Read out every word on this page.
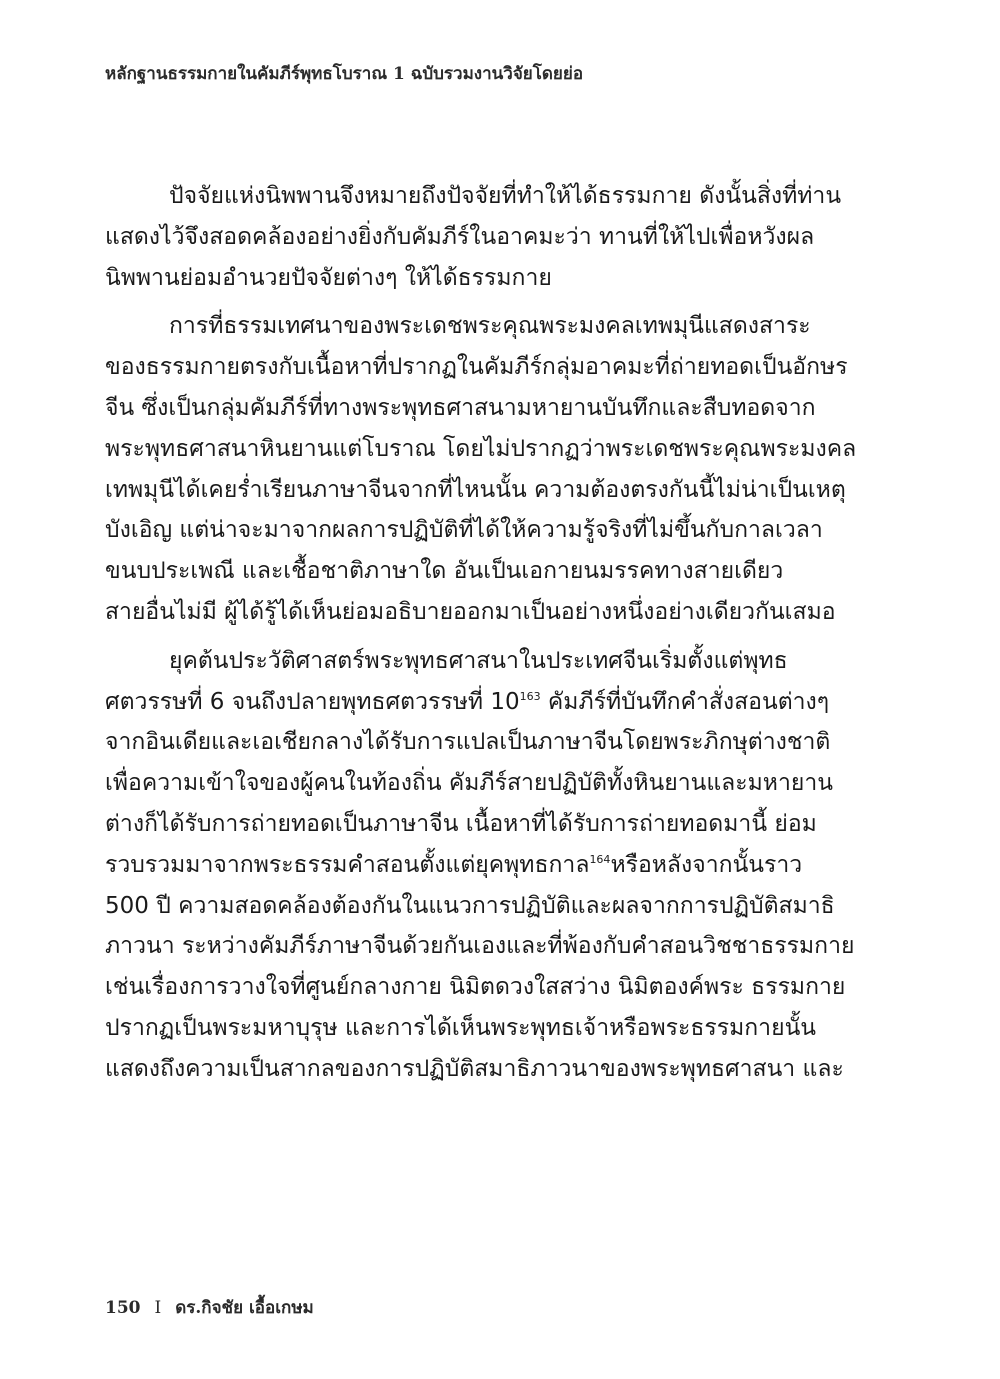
หลักฐานธรรมกายในคัมภีร์พุทธโบราณ 1 ฉบับรวมงานวิจัยโดยย่อ
ปัจจัยแห่งนิพพานจึงหมายถึงปัจจัยที่ทำให้ได้ธรรมกาย ดังนั้นสิ่งที่ท่าน
แสดงไว้จึงสอดคล้องอย่างยิ่งกับคัมภีร์ในอาคมะว่า ทานที่ให้ไปเพื่อหวังผล
นิพพานย่อมอำนวยปัจจัยต่างๆ ให้ได้ธรรมกาย
การที่ธรรมเทศนาของพระเดชพระคุณพระมงคลเทพมุนีแสดงสาระ
ของธรรมกายตรงกับเนื้อหาที่ปรากฏในคัมภีร์กลุ่มอาคมะที่ถ่ายทอดเป็นอักษร
จีน ซึ่งเป็นกลุ่มคัมภีร์ที่ทางพระพุทธศาสนามหายานบันทึกและสืบทอดจาก
พระพุทธศาสนาหินยานแต่โบราณ โดยไม่ปรากฏว่าพระเดชพระคุณพระมงคล
เทพมุนีได้เคยร่ำเรียนภาษาจีนจากที่ไหนนั้น ความต้องตรงกันนี้ไม่น่าเป็นเหตุ
บังเอิญ แต่น่าจะมาจากผลการปฏิบัติที่ได้ให้ความรู้จริงที่ไม่ขึ้นกับกาลเวลา
ขนบประเพณี และเชื้อชาติภาษาใด อันเป็นเอกายนมรรคทางสายเดียว
สายอื่นไม่มี ผู้ได้รู้ได้เห็นย่อมอธิบายออกมาเป็นอย่างหนึ่งอย่างเดียวกันเสมอ
ยุคต้นประวัติศาสตร์พระพุทธศาสนาในประเทศจีนเริ่มตั้งแต่พุทธ
ศตวรรษที่ 6 จนถึงปลายพุทธศตวรรษที่ $10^{163}$ คัมภีร์ที่บันทึกคำสั่งสอนต่างๆ
จากอินเดียและเอเชียกลางได้รับการแปลเป็นภาษาจีนโดยพระภิกษุต่างชาติ
เพื่อความเข้าใจของผู้คนในท้องถิ่น คัมภีร์สายปฏิบัติทั้งหินยานและมหายาน
ต่างก็ได้รับการถ่ายทอดเป็นภาษาจีน เนื้อหาที่ได้รับการถ่ายทอดมานี้ ย่อม
รวบรวมมาจากพระธรรมคำสอนตั้งแต่ยุคพุทธกาล$^{164}$หรือหลังจากนั้นราว
500 ปี ความสอดคล้องต้องกันในแนวการปฏิบัติและผลจากการปฏิบัติสมาธิ
ภาวนา ระหว่างคัมภีร์ภาษาจีนด้วยกันเองและที่พ้องกับคำสอนวิชชาธรรมกาย
เช่นเรื่องการวางใจที่ศูนย์กลางกาย นิมิตดวงใสสว่าง นิมิตองค์พระ ธรรมกาย
ปรากฏเป็นพระมหาบุรุษ และการได้เห็นพระพุทธเจ้าหรือพระธรรมกายนั้น
แสดงถึงความเป็นสากลของการปฏิบัติสมาธิภาวนาของพระพุทธศาสนา และ
150 I ดร.กิจชัย เอื้อเกษม
